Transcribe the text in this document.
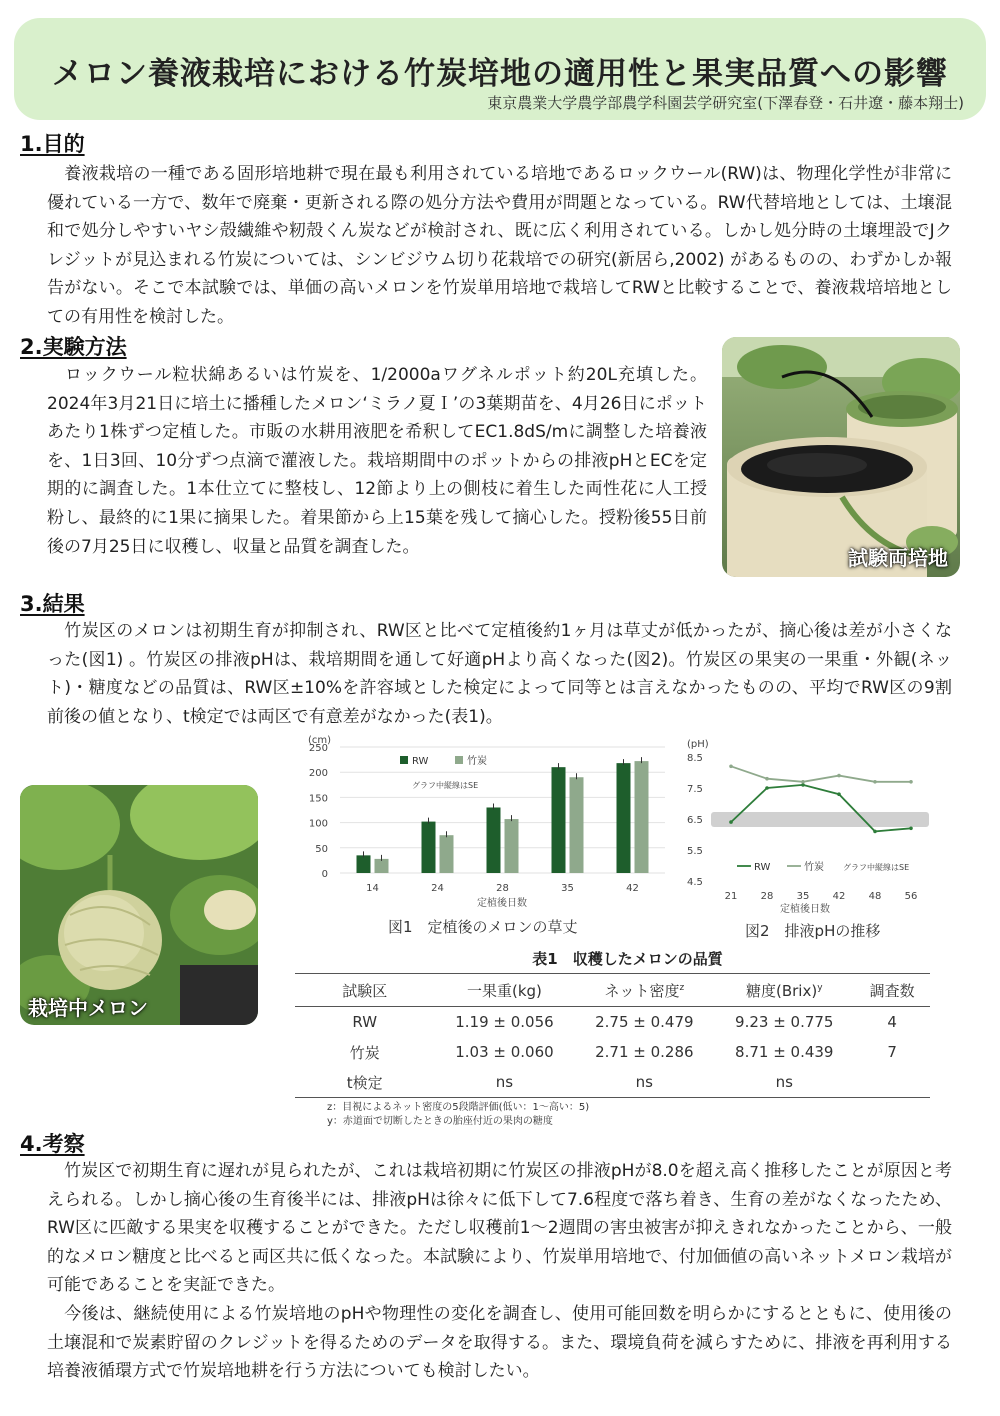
メロン養液栽培における竹炭培地の適用性と果実品質への影響
東京農業大学農学部農学科園芸学研究室(下澤春登・石井遼・藤本翔士)
1.目的

　養液栽培の一種である固形培地耕で現在最も利用されている培地であるロックウール(RW)は、物理化学性が非常に優れている一方で、数年で廃棄・更新される際の処分方法や費用が問題となっている。RW代替培地としては、土壌混和で処分しやすいヤシ殻繊維や籾殻くん炭などが検討され、既に広く利用されている。しかし処分時の土壌埋設でJクレジットが見込まれる竹炭については、シンビジウム切り花栽培での研究(新居ら,2002) があるものの、わずかしか報告がない。そこで本試験では、単価の高いメロンを竹炭単用培地で栽培してRWと比較することで、養液栽培培地としての有用性を検討した。

2.実験方法

　ロックウール粒状綿あるいは竹炭を、1/2000aワグネルポット約20L充填した。2024年3月21日に培土に播種したメロン‘ミラノ夏Ｉ’の3葉期苗を、4月26日にポットあたり1株ずつ定植した。市販の水耕用液肥を希釈してEC1.8dS/mに調整した培養液を、1日3回、10分ずつ点滴で灌液した。栽培期間中のポットからの排液pHとECを定期的に調査した。1本仕立てに整枝し、12節より上の側枝に着生した両性花に人工授粉し、最終的に1果に摘果した。着果節から上15葉を残して摘心した。授粉後55日前後の7月25日に収穫し、収量と品質を調査した。	試験両培地
3.結果

　竹炭区のメロンは初期生育が抑制され、RW区と比べて定植後約1ヶ月は草丈が低かったが、摘心後は差が小さくなった(図1) 。竹炭区の排液pHは、栽培期間を通して好適pHより高くなった(図2)。竹炭区の果実の一果重・外観(ネット)・糖度などの品質は、RW区±10%を許容域とした検定によって同等とは言えなかったものの、平均でRW区の9割前後の値となり、t検定では両区で有意差がなかった(表1)。

栽培中メロン
(cm)
グラフ中縦線はSE
定植後日数
0
50
100
150
200
250
14	24	28	35	42
RW	竹炭
図1　定植後のメロンの草丈
(pH)
グラフ中縦線はSE
定植後日数
4.5
5.5
6.5
7.5
8.5
21 28 35 42 48 56
RW	竹炭
図2　排液pHの推移
表1　収穫したメロンの品質
試験区	一果重(kg)	ネット密度$^z$	糖度(Brix)$^y$	調査数
RW	1.19 ± 0.056	2.75 ± 0.479	9.23 ± 0.775	4
竹炭	1.03 ± 0.060	2.71 ± 0.286	8.71 ± 0.439	7
t検定	ns	ns	ns	
z：目視によるネット密度の5段階評価(低い：1～高い：5)
y：赤道面で切断したときの胎座付近の果肉の糖度
4.考察

　竹炭区で初期生育に遅れが見られたが、これは栽培初期に竹炭区の排液pHが8.0を超え高く推移したことが原因と考えられる。しかし摘心後の生育後半には、排液pHは徐々に低下して7.6程度で落ち着き、生育の差がなくなったため、RW区に匹敵する果実を収穫することができた。ただし収穫前1～2週間の害虫被害が抑えきれなかったことから、一般的なメロン糖度と比べると両区共に低くなった。本試験により、竹炭単用培地で、付加価値の高いネットメロン栽培が可能であることを実証できた。

　今後は、継続使用による竹炭培地のpHや物理性の変化を調査し、使用可能回数を明らかにするとともに、使用後の土壌混和で炭素貯留のクレジットを得るためのデータを取得する。また、環境負荷を減らすために、排液を再利用する培養液循環方式で竹炭培地耕を行う方法についても検討したい。
